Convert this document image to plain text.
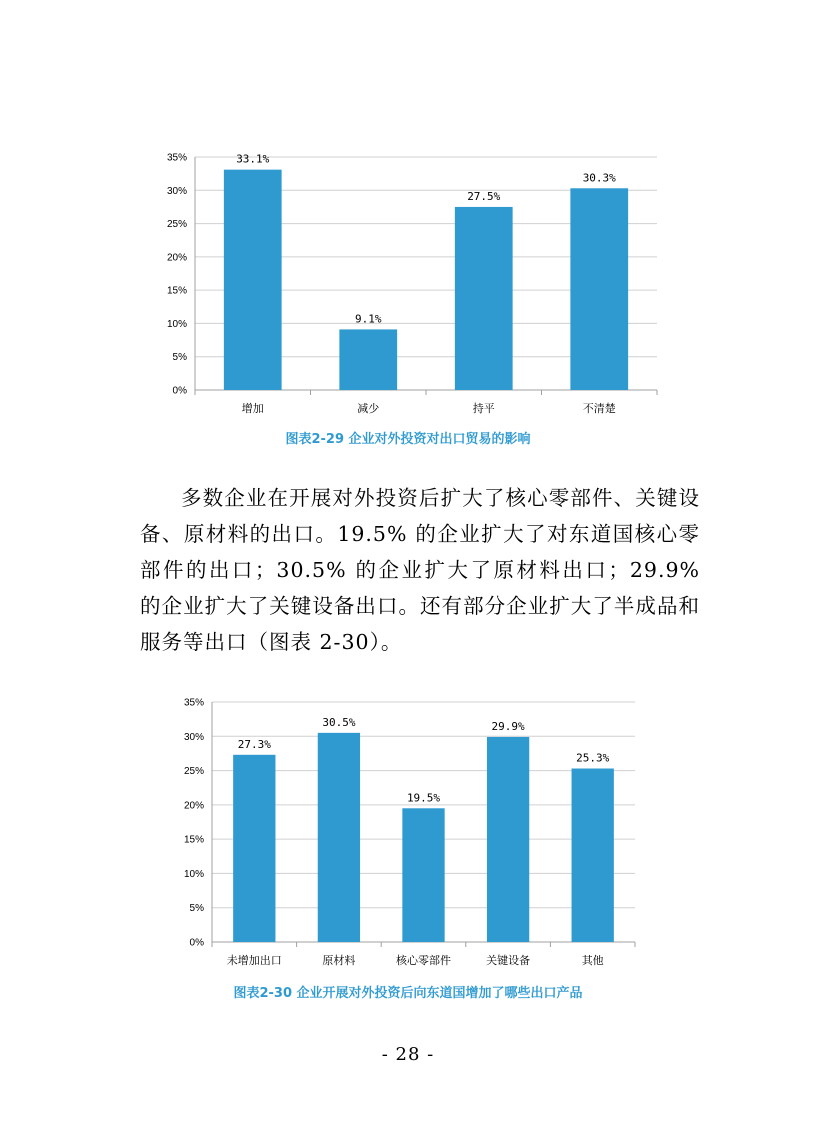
0%
5%
10%
15%
20%
25%
30%
35%	33.1%
增加
9.1%
减少
27.5%
持平
30.3%
不清楚
图表2-29 企业对外投资对出口贸易的影响

多数企业在开展对外投资后扩大了核心零部件、关键设备、原材料的出口。19.5% 的企业扩大了对东道国核心零部件的出口；30.5% 的企业扩大了原材料出口；29.9% 的企业扩大了关键设备出口。还有部分企业扩大了半成品和服务等出口（图表 2-30）。

0%
5%
10%
15%
20%
25%
30%
35%
27.3%
未增加出口
30.5%
原材料
19.5%
核心零部件
29.9%
关键设备
25.3%
其他
图表2-30 企业开展对外投资后向东道国增加了哪些出口产品
- 28 -
